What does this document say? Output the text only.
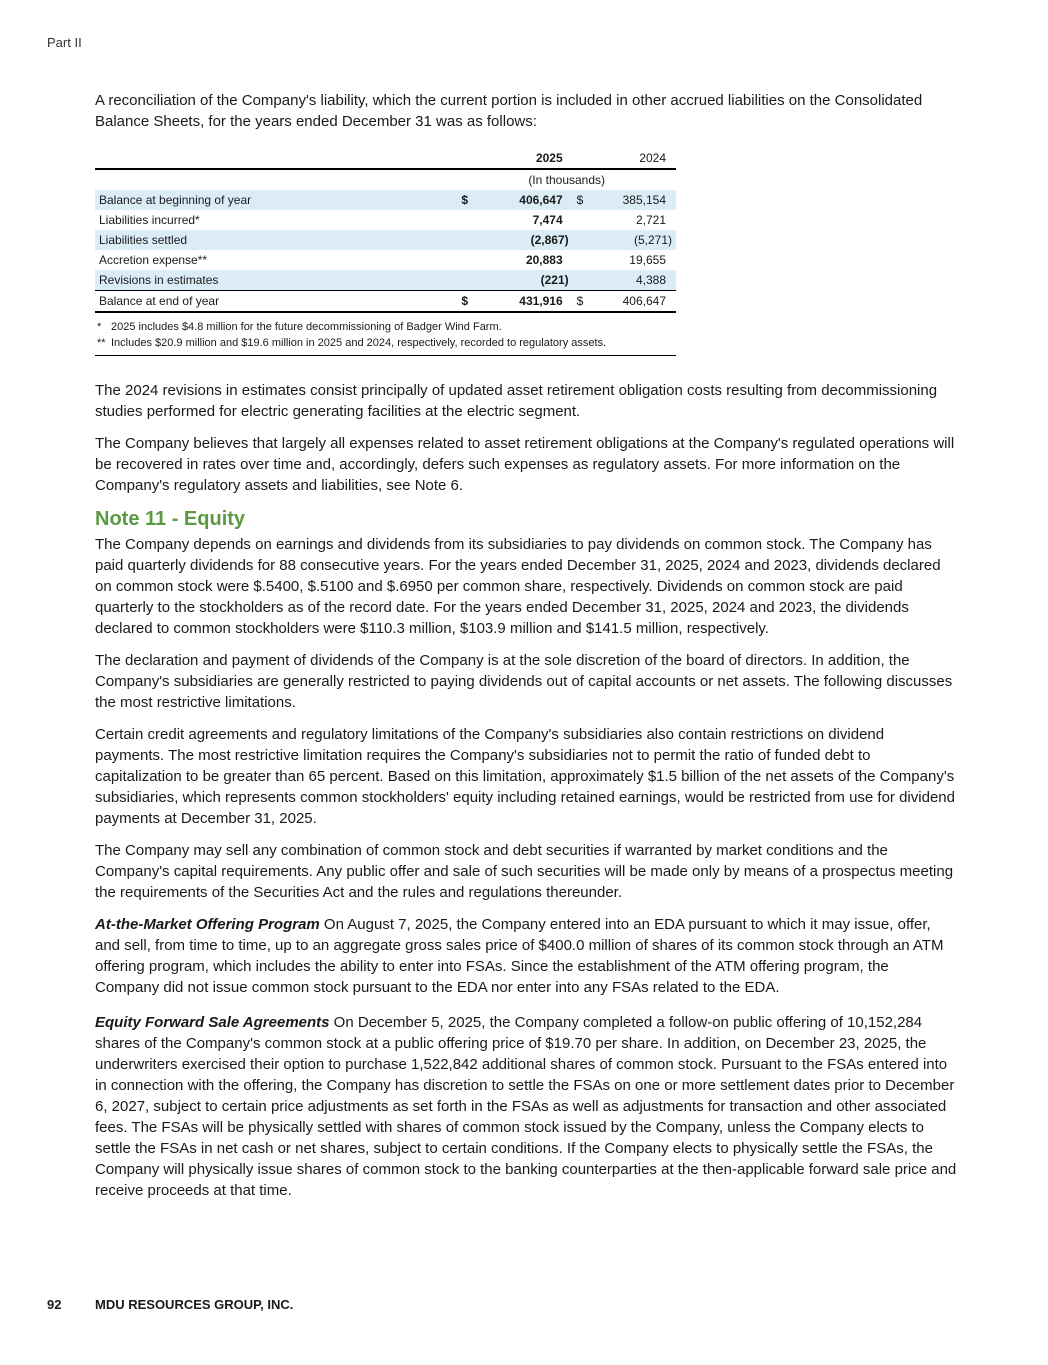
Part II

A reconciliation of the Company's liability, which the current portion is included in other accrued liabilities on the Consolidated Balance Sheets, for the years ended December 31 was as follows:

		2025		2024
	(In thousands)			
Balance at beginning of year	$	406,647	$	385,154
Liabilities incurred*		7,474		2,721
Liabilities settled		(2,867)		(5,271)
Accretion expense**		20,883		19,655
Revisions in estimates		(221)		4,388
Balance at end of year	$	431,916	$	406,647
* 2025 includes $4.8 million for the future decommissioning of Badger Wind Farm.
** Includes $20.9 million and $19.6 million in 2025 and 2024, respectively, recorded to regulatory assets.

The 2024 revisions in estimates consist principally of updated asset retirement obligation costs resulting from decommissioning studies performed for electric generating facilities at the electric segment.

The Company believes that largely all expenses related to asset retirement obligations at the Company's regulated operations will be recovered in rates over time and, accordingly, defers such expenses as regulatory assets. For more information on the Company's regulatory assets and liabilities, see Note 6.

Note 11 - Equity

The Company depends on earnings and dividends from its subsidiaries to pay dividends on common stock. The Company has paid quarterly dividends for 88 consecutive years. For the years ended December 31, 2025, 2024 and 2023, dividends declared on common stock were $.5400, $.5100 and $.6950 per common share, respectively. Dividends on common stock are paid quarterly to the stockholders as of the record date. For the years ended December 31, 2025, 2024 and 2023, the dividends declared to common stockholders were $110.3 million, $103.9 million and $141.5 million, respectively.

The declaration and payment of dividends of the Company is at the sole discretion of the board of directors. In addition, the Company's subsidiaries are generally restricted to paying dividends out of capital accounts or net assets. The following discusses the most restrictive limitations.

Certain credit agreements and regulatory limitations of the Company's subsidiaries also contain restrictions on dividend payments. The most restrictive limitation requires the Company's subsidiaries not to permit the ratio of funded debt to capitalization to be greater than 65 percent. Based on this limitation, approximately $1.5 billion of the net assets of the Company's subsidiaries, which represents common stockholders' equity including retained earnings, would be restricted from use for dividend payments at December 31, 2025.

The Company may sell any combination of common stock and debt securities if warranted by market conditions and the Company's capital requirements. Any public offer and sale of such securities will be made only by means of a prospectus meeting the requirements of the Securities Act and the rules and regulations thereunder.

At-the-Market Offering Program On August 7, 2025, the Company entered into an EDA pursuant to which it may issue, offer, and sell, from time to time, up to an aggregate gross sales price of $400.0 million of shares of its common stock through an ATM offering program, which includes the ability to enter into FSAs. Since the establishment of the ATM offering program, the Company did not issue common stock pursuant to the EDA nor enter into any FSAs related to the EDA.

Equity Forward Sale Agreements On December 5, 2025, the Company completed a follow-on public offering of 10,152,284 shares of the Company's common stock at a public offering price of $19.70 per share. In addition, on December 23, 2025, the underwriters exercised their option to purchase 1,522,842 additional shares of common stock. Pursuant to the FSAs entered into in connection with the offering, the Company has discretion to settle the FSAs on one or more settlement dates prior to December 6, 2027, subject to certain price adjustments as set forth in the FSAs as well as adjustments for transaction and other associated fees. The FSAs will be physically settled with shares of common stock issued by the Company, unless the Company elects to settle the FSAs in net cash or net shares, subject to certain conditions. If the Company elects to physically settle the FSAs, the Company will physically issue shares of common stock to the banking counterparties at the then-applicable forward sale price and receive proceeds at that time.

92	MDU RESOURCES GROUP, INC.
